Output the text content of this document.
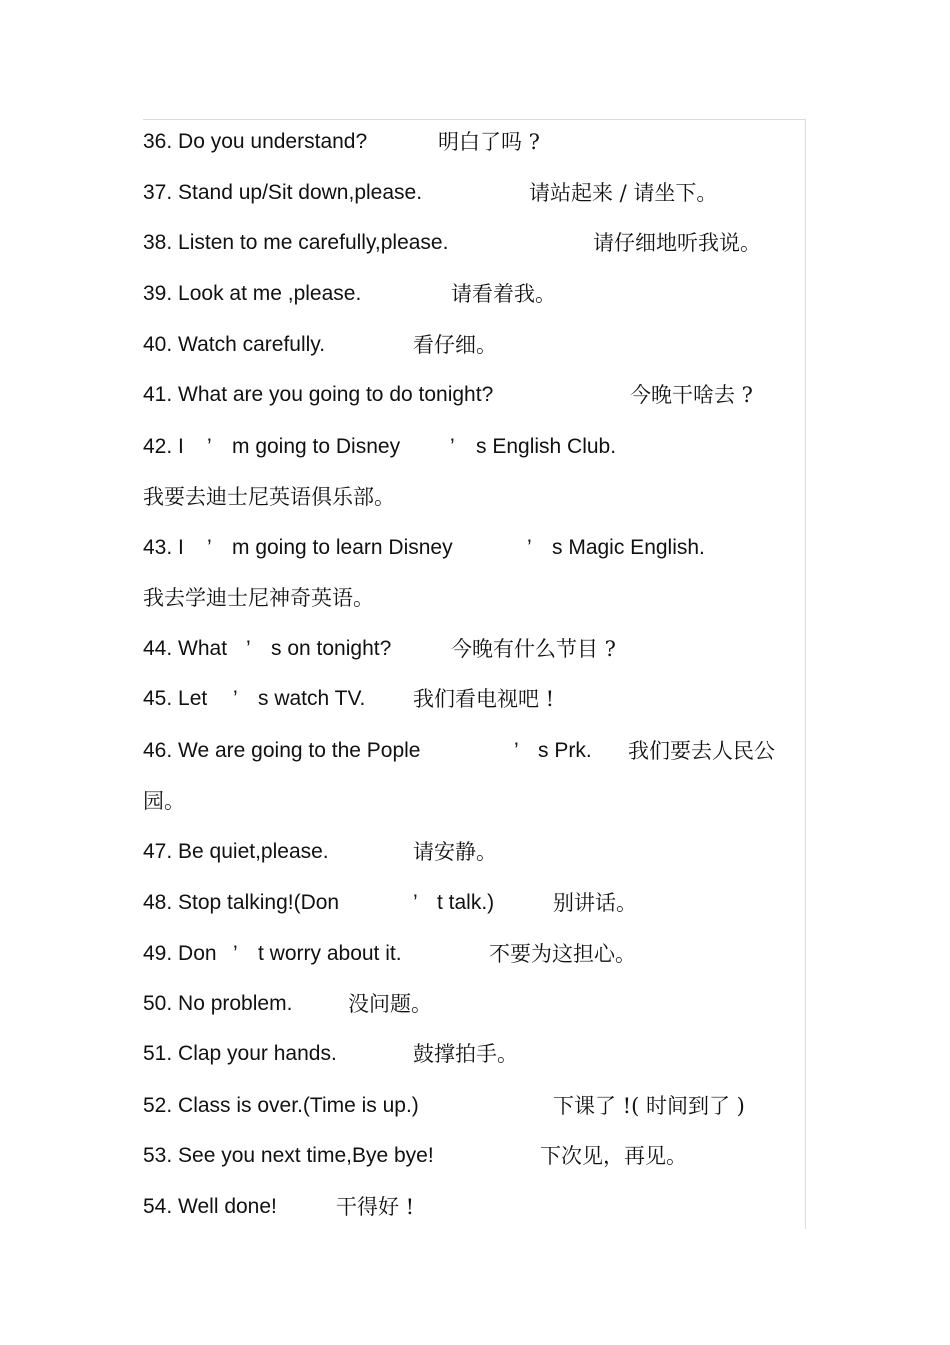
36. Do you understand?	明白了吗 ?
37. Stand up/Sit down,please.	请站起来 / 请坐下。
38. Listen to me carefully,please.	请仔细地听我说。
39. Look at me ,please.	请看着我。
40. Watch carefully.	看仔细。
41. What are you going to do tonight?	今晚干啥去 ?
42. I ’ m going to Disney ’ s English Club.
我要去迪士尼英语俱乐部。
43. I ’ m going to learn Disney	’ s Magic English.
我去学迪士尼神奇英语。
44. What ’ s on tonight?	今晚有什么节目 ?
45. Let ’ s watch TV. 我们看电视吧 !
46. We are going to the Pople	’ s Prk. 我们要去人民公
园。
47. Be quiet,please.	请安静。
48. Stop talking!(Don	’ t talk.)	别讲话。
49. Don ’ t worry about it.	不要为这担心。
50. No problem.	没问题。
51. Clap your hands.	鼓撑拍手。
52. Class is over.(Time is up.)	下课了 !( 时间到了 )
53. See you next time,Bye bye!	下次见，再见。
54. Well done!	干得好 !
